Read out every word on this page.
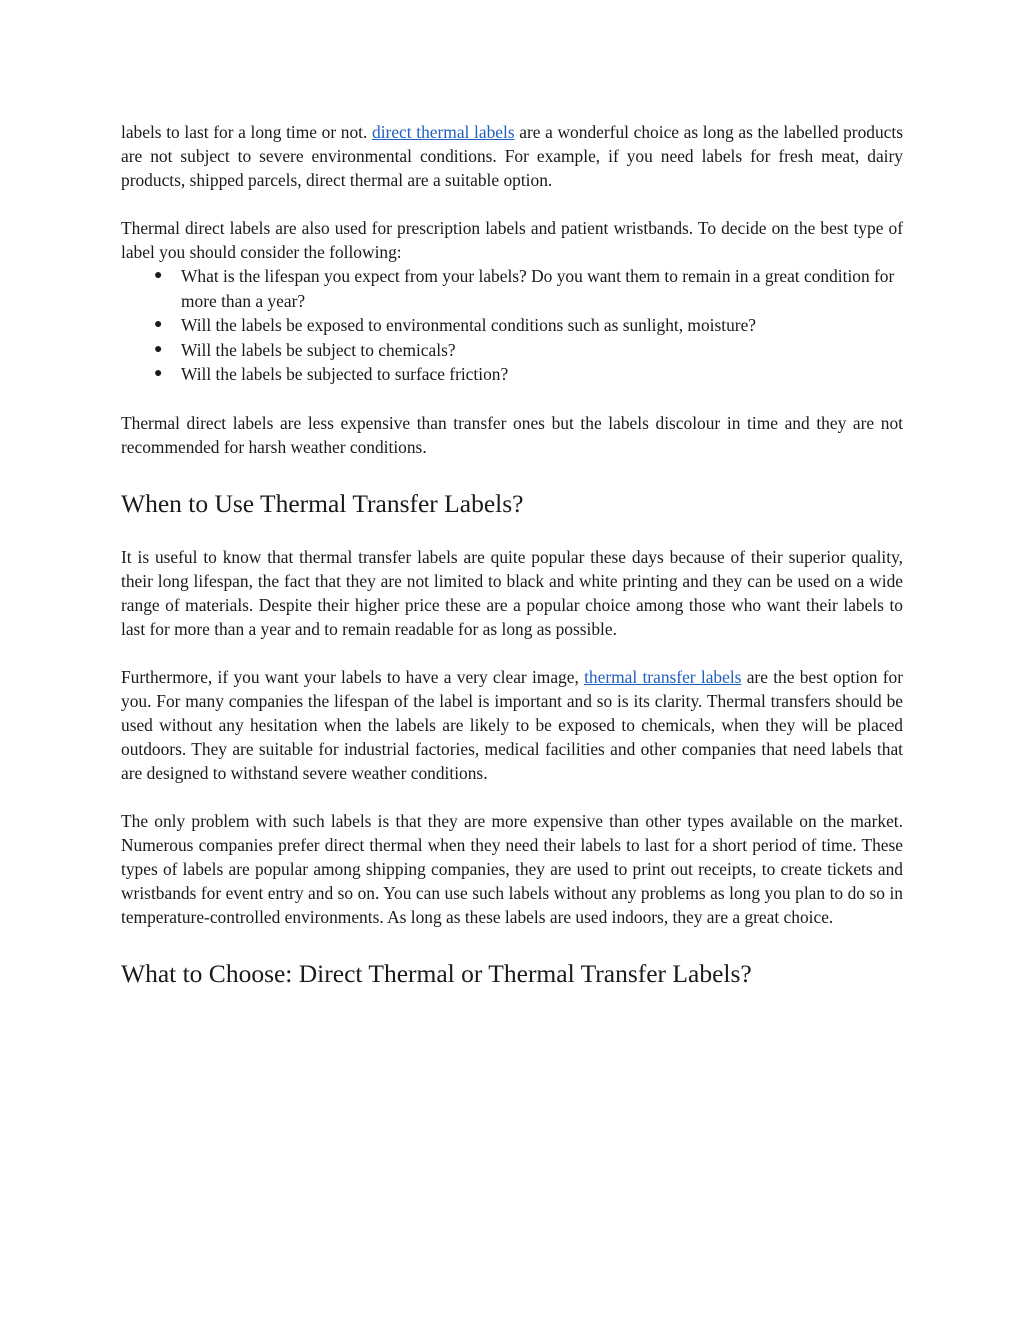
labels to last for a long time or not. direct thermal labels are a wonderful choice as long as the labelled products are not subject to severe environmental conditions. For example, if you need labels for fresh meat, dairy products, shipped parcels, direct thermal are a suitable option.

Thermal direct labels are also used for prescription labels and patient wristbands. To decide on the best type of label you should consider the following:

● What is the lifespan you expect from your labels? Do you want them to remain in a great condition for more than a year?
● Will the labels be exposed to environmental conditions such as sunlight, moisture?
● Will the labels be subject to chemicals?
● Will the labels be subjected to surface friction?

Thermal direct labels are less expensive than transfer ones but the labels discolour in time and they are not recommended for harsh weather conditions.

When to Use Thermal Transfer Labels?

It is useful to know that thermal transfer labels are quite popular these days because of their superior quality, their long lifespan, the fact that they are not limited to black and white printing and they can be used on a wide range of materials. Despite their higher price these are a popular choice among those who want their labels to last for more than a year and to remain readable for as long as possible.

Furthermore, if you want your labels to have a very clear image, thermal transfer labels are the best option for you. For many companies the lifespan of the label is important and so is its clarity. Thermal transfers should be used without any hesitation when the labels are likely to be exposed to chemicals, when they will be placed outdoors. They are suitable for industrial factories, medical facilities and other companies that need labels that are designed to withstand severe weather conditions.

The only problem with such labels is that they are more expensive than other types available on the market. Numerous companies prefer direct thermal when they need their labels to last for a short period of time. These types of labels are popular among shipping companies, they are used to print out receipts, to create tickets and wristbands for event entry and so on. You can use such labels without any problems as long you plan to do so in temperature-controlled environments. As long as these labels are used indoors, they are a great choice.

What to Choose: Direct Thermal or Thermal Transfer Labels?
